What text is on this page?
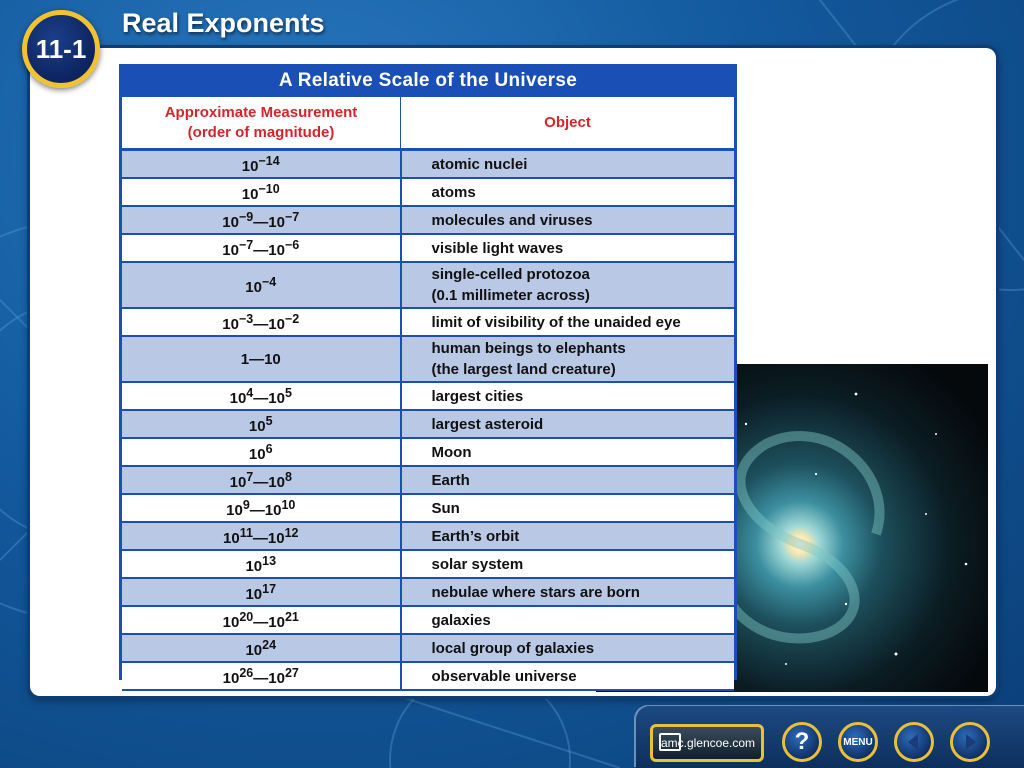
11-1
Real Exponents
A Relative Scale of the Universe
Approximate Measurement
(order of magnitude)	Object
$10^{-14}$	atomic nuclei
$10^{-10}$	atoms
$10^{-9}—10^{-7}$	molecules and viruses
$10^{-7}—10^{-6}$	visible light waves
$10^{-4}$	single-celled protozoa
(0.1 millimeter across)
$10^{-3}—10^{-2}$	limit of visibility of the unaided eye
1—10	human beings to elephants
(the largest land creature)
$10^4—10^5$	largest cities
$10^5$	largest asteroid
$10^6$	Moon
$10^7—10^8$	Earth
$10^9—10^{10}$	Sun
$10^{11}—10^{12}$	Earth’s orbit
$10^{13}$	solar system
$10^{17}$	nebulae where stars are born
$10^{20}—10^{21}$	galaxies
$10^{24}$	local group of galaxies
$10^{26}—10^{27}$	observable universe
amc.glencoe.com ?	MENU
